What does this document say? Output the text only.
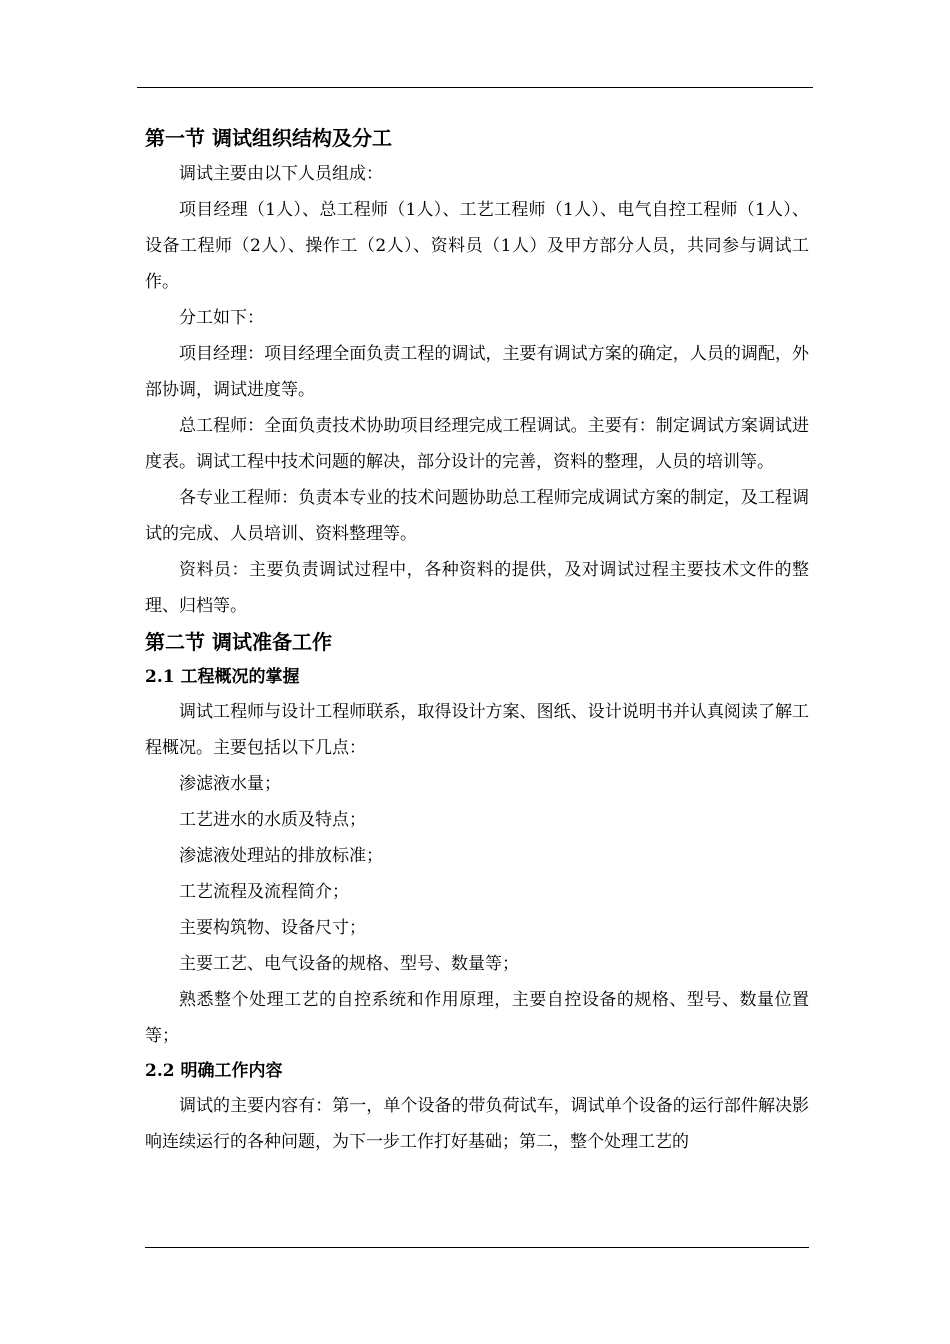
第一节 调试组织结构及分工

调试主要由以下人员组成：

项目经理（1人）、总工程师（1人）、工艺工程师（1人）、电气自控工程师（1人）、设备工程师（2人）、操作工（2人）、资料员（1人）及甲方部分人员，共同参与调试工作。

分工如下：

项目经理：项目经理全面负责工程的调试，主要有调试方案的确定，人员的调配，外部协调，调试进度等。

总工程师：全面负责技术协助项目经理完成工程调试。主要有：制定调试方案调试进度表。调试工程中技术问题的解决，部分设计的完善，资料的整理，人员的培训等。

各专业工程师：负责本专业的技术问题协助总工程师完成调试方案的制定，及工程调试的完成、人员培训、资料整理等。

资料员：主要负责调试过程中，各种资料的提供，及对调试过程主要技术文件的整理、归档等。

第二节 调试准备工作
2.1 工程概况的掌握

调试工程师与设计工程师联系，取得设计方案、图纸、设计说明书并认真阅读了解工程概况。主要包括以下几点：

渗滤液水量；

工艺进水的水质及特点；

渗滤液处理站的排放标准；

工艺流程及流程简介；

主要构筑物、设备尺寸；

主要工艺、电气设备的规格、型号、数量等；

熟悉整个处理工艺的自控系统和作用原理，主要自控设备的规格、型号、数量位置等；

2.2 明确工作内容

调试的主要内容有：第一，单个设备的带负荷试车，调试单个设备的运行部件解决影响连续运行的各种问题，为下一步工作打好基础；第二，整个处理工艺的
